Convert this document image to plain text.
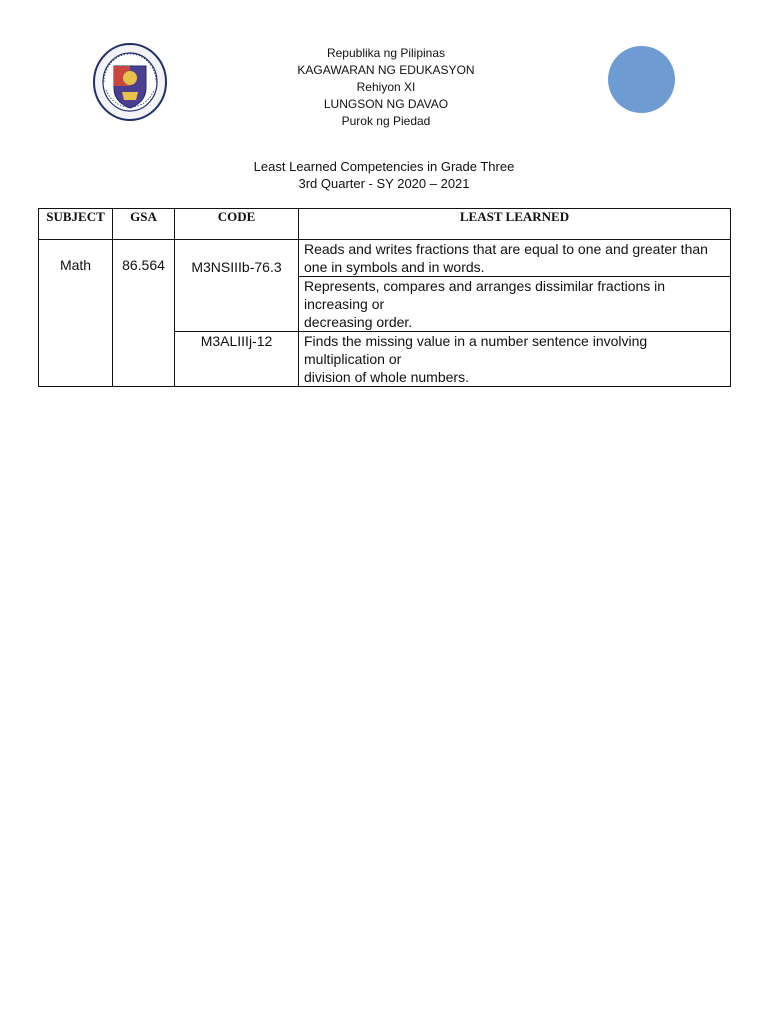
Republika ng Pilipinas
KAGAWARAN NG EDUKASYON
Rehiyon XI
LUNGSON NG DAVAO
Purok ng Piedad
Least Learned Competencies in Grade Three
3rd Quarter - SY 2020 – 2021
SUBJECT	GSA	CODE	LEAST LEARNED
Math	86.564	M3NSIIIb-76.3	Reads and writes fractions that are equal to one and greater than one in symbols and in words.

			Represents, compares and arranges dissimilar fractions in increasing or
decreasing order.

		M3ALIIIj-12	Finds the missing value in a number sentence involving multiplication or
division of whole numbers.
